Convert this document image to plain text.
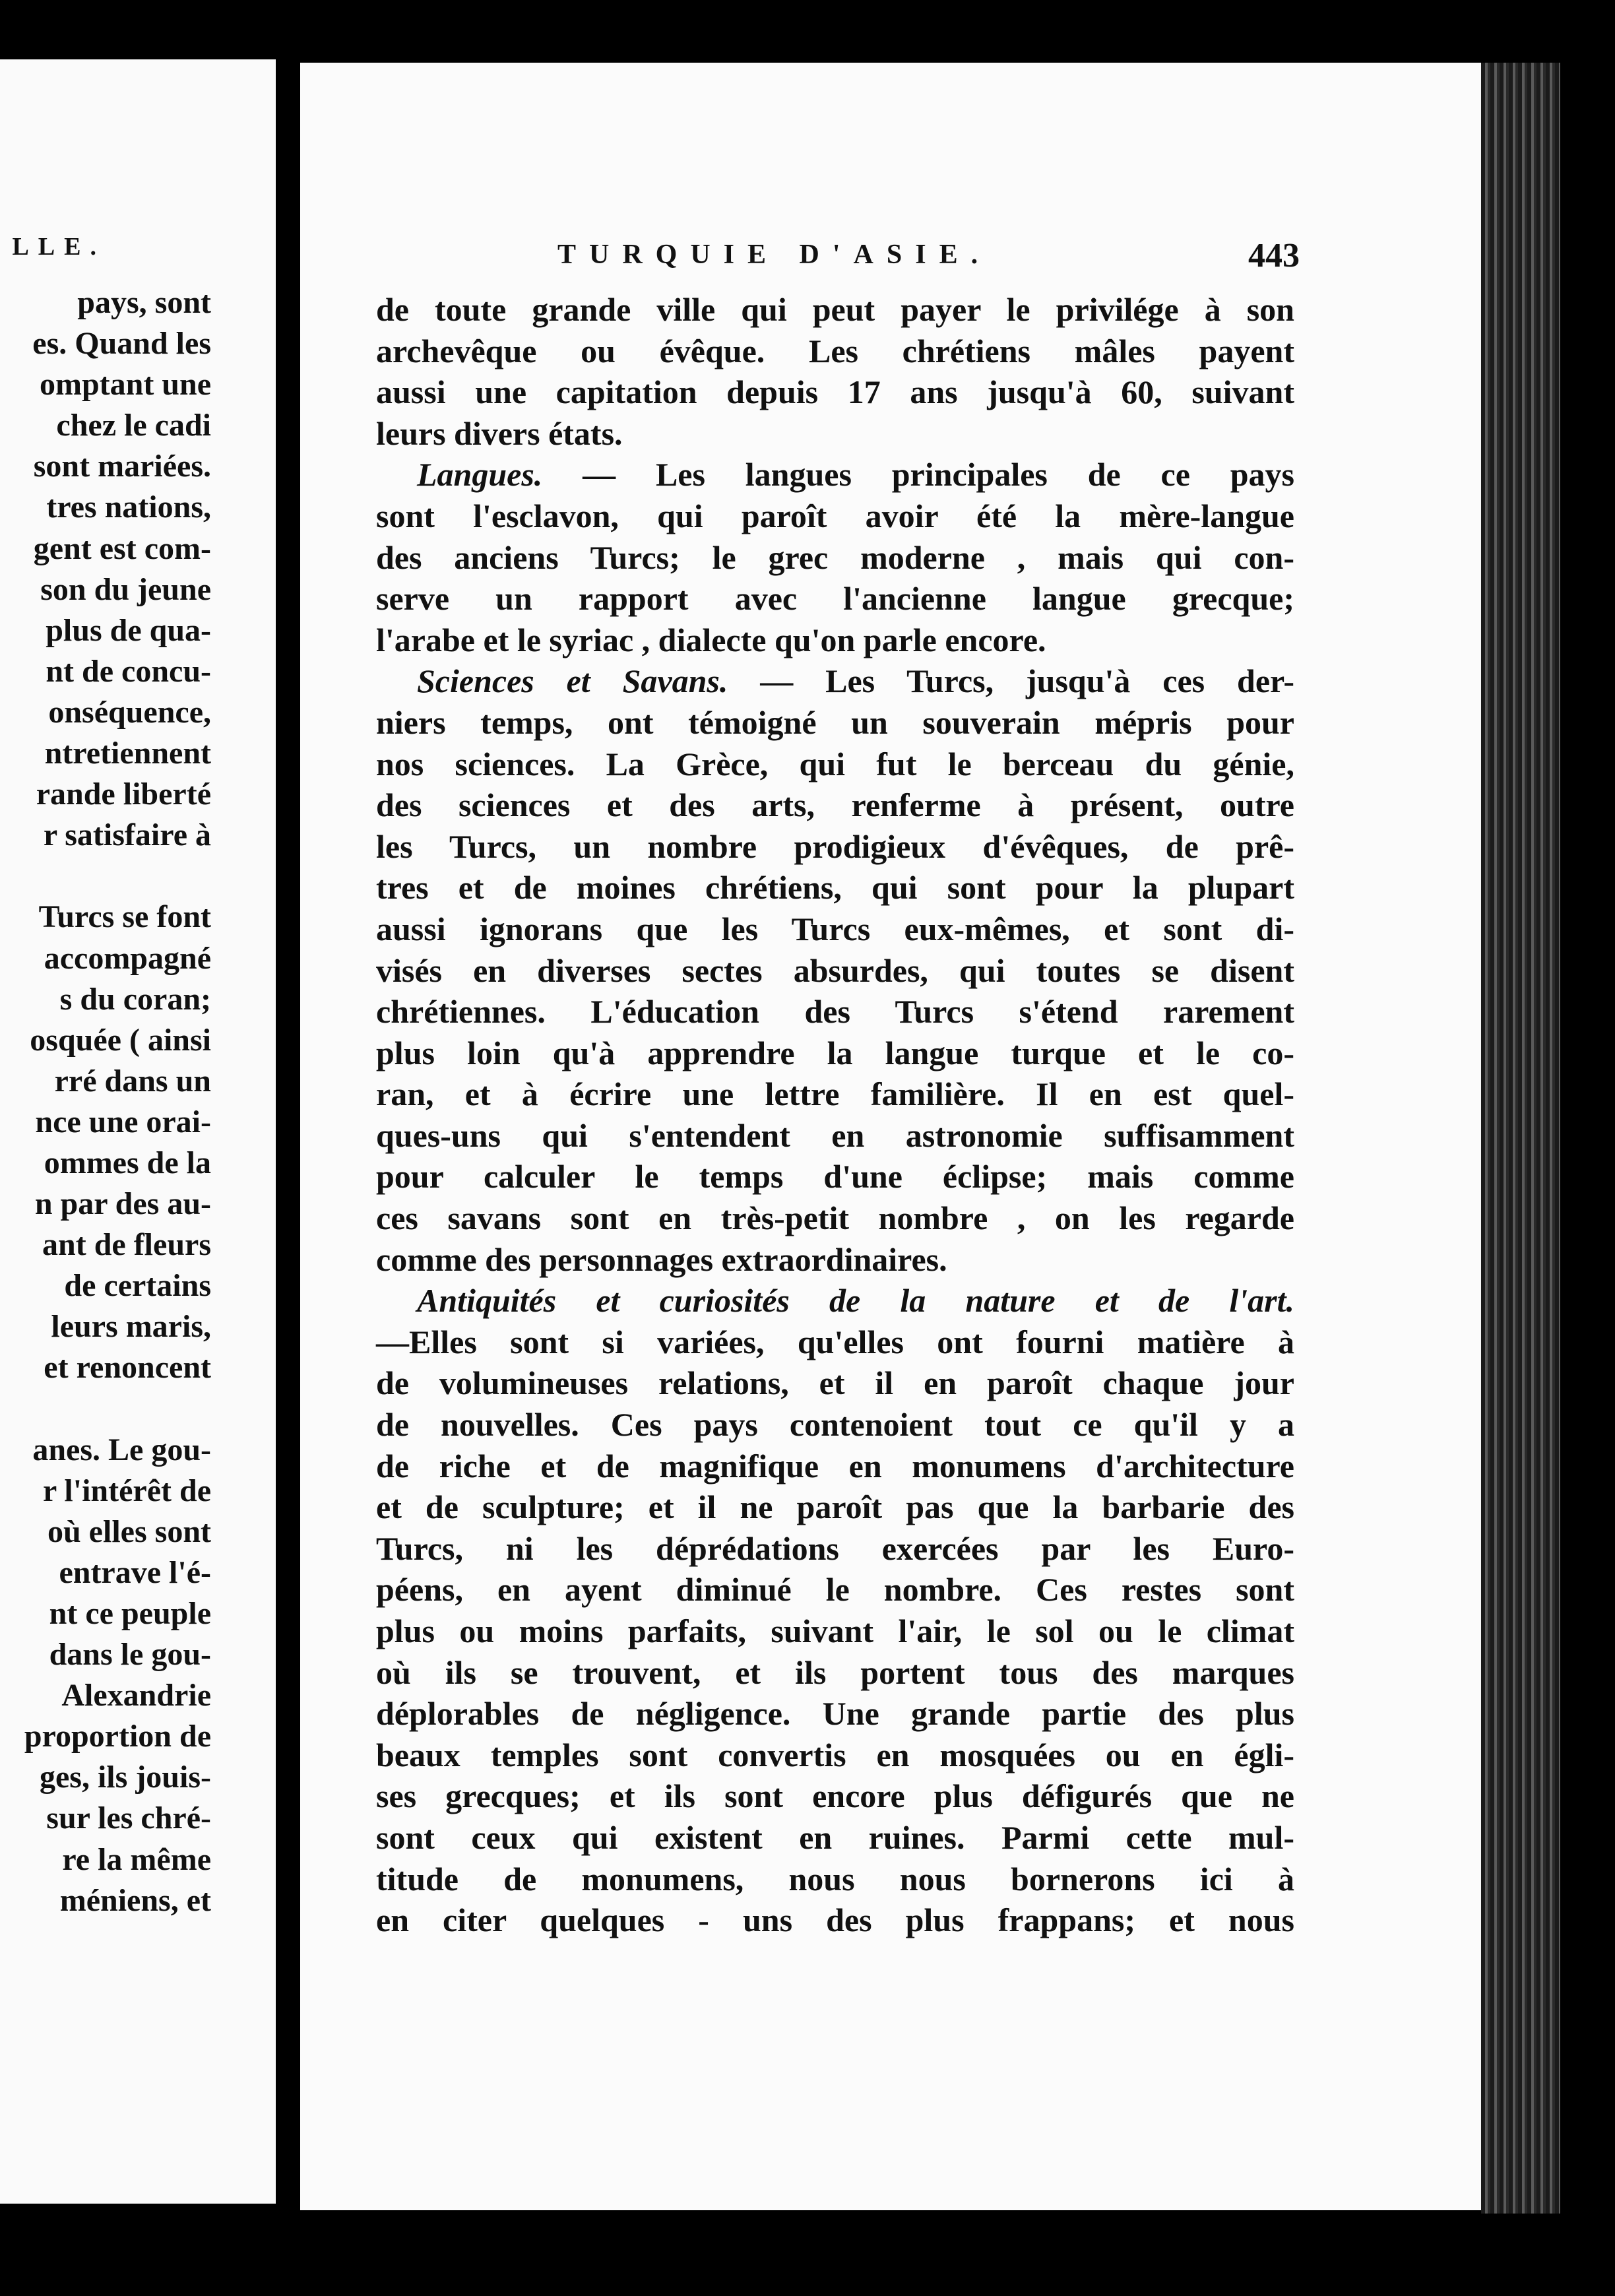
LLE.
pays, sont
es. Quand les
omptant une
chez le cadi
sont mariées.
tres nations,
gent est com-
son du jeune
plus de qua-
nt de concu-
onséquence,
ntretiennent
rande liberté
r satisfaire à
Turcs se font
accompagné
s du coran;
osquée ( ainsi
rré dans un
nce une orai-
ommes de la
n par des au-
ant de fleurs
de certains
leurs maris,
et renoncent
anes. Le gou-
r l'intérêt de
où elles sont
entrave l'é-
nt ce peuple
dans le gou-
Alexandrie
proportion de
ges, ils jouis-
sur les chré-
re la même
méniens, et
TURQUIE D'ASIE.	443
de toute grande ville qui peut payer le privilége à son
archevêque ou évêque. Les chrétiens mâles payent
aussi une capitation depuis 17 ans jusqu'à 60, suivant
leurs divers états.
Langues. — Les langues principales de ce pays
sont l'esclavon, qui paroît avoir été la mère-langue
des anciens Turcs; le grec moderne , mais qui con-
serve un rapport avec l'ancienne langue grecque;
l'arabe et le syriac , dialecte qu'on parle encore.
Sciences et Savans. — Les Turcs, jusqu'à ces der-
niers temps, ont témoigné un souverain mépris pour
nos sciences. La Grèce, qui fut le berceau du génie,
des sciences et des arts, renferme à présent, outre
les Turcs, un nombre prodigieux d'évêques, de prê-
tres et de moines chrétiens, qui sont pour la plupart
aussi ignorans que les Turcs eux-mêmes, et sont di-
visés en diverses sectes absurdes, qui toutes se disent
chrétiennes. L'éducation des Turcs s'étend rarement
plus loin qu'à apprendre la langue turque et le co-
ran, et à écrire une lettre familière. Il en est quel-
ques-uns qui s'entendent en astronomie suffisamment
pour calculer le temps d'une éclipse; mais comme
ces savans sont en très-petit nombre , on les regarde
comme des personnages extraordinaires.
Antiquités et curiosités de la nature et de l'art.
—Elles sont si variées, qu'elles ont fourni matière à
de volumineuses relations, et il en paroît chaque jour
de nouvelles. Ces pays contenoient tout ce qu'il y a
de riche et de magnifique en monumens d'architecture
et de sculpture; et il ne paroît pas que la barbarie des
Turcs, ni les déprédations exercées par les Euro-
péens, en ayent diminué le nombre. Ces restes sont
plus ou moins parfaits, suivant l'air, le sol ou le climat
où ils se trouvent, et ils portent tous des marques
déplorables de négligence. Une grande partie des plus
beaux temples sont convertis en mosquées ou en égli-
ses grecques; et ils sont encore plus défigurés que ne
sont ceux qui existent en ruines. Parmi cette mul-
titude de monumens, nous nous bornerons ici à
en citer quelques - uns des plus frappans; et nous
